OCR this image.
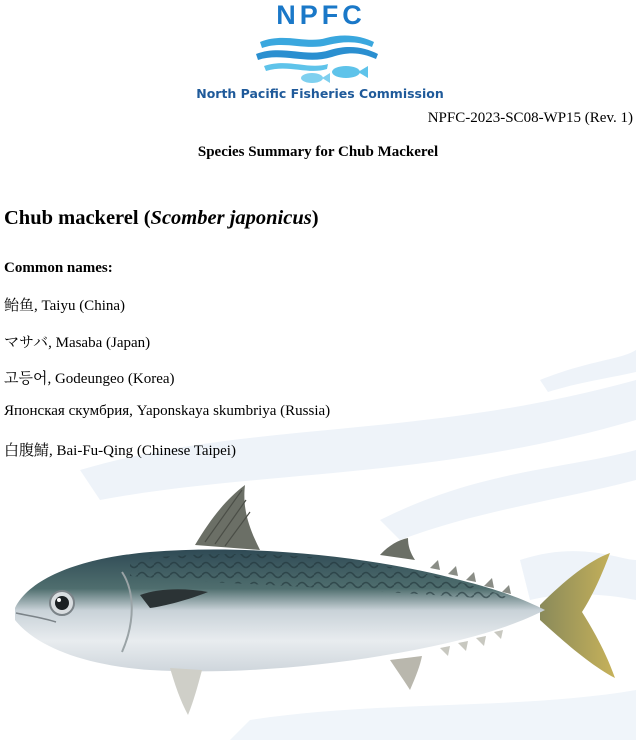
NPFC
North Pacific Fisheries Commission
NPFC-2023-SC08-WP15 (Rev. 1)
Species Summary for Chub Mackerel
Chub mackerel (Scomber japonicus)
Common names:
鲐鱼, Taiyu (China)
マサバ, Masaba (Japan)
고등어, Godeungeo (Korea)
Японская скумбрия, Yaponskaya skumbriya (Russia)
白腹鯖, Bai-Fu-Qing (Chinese Taipei)
